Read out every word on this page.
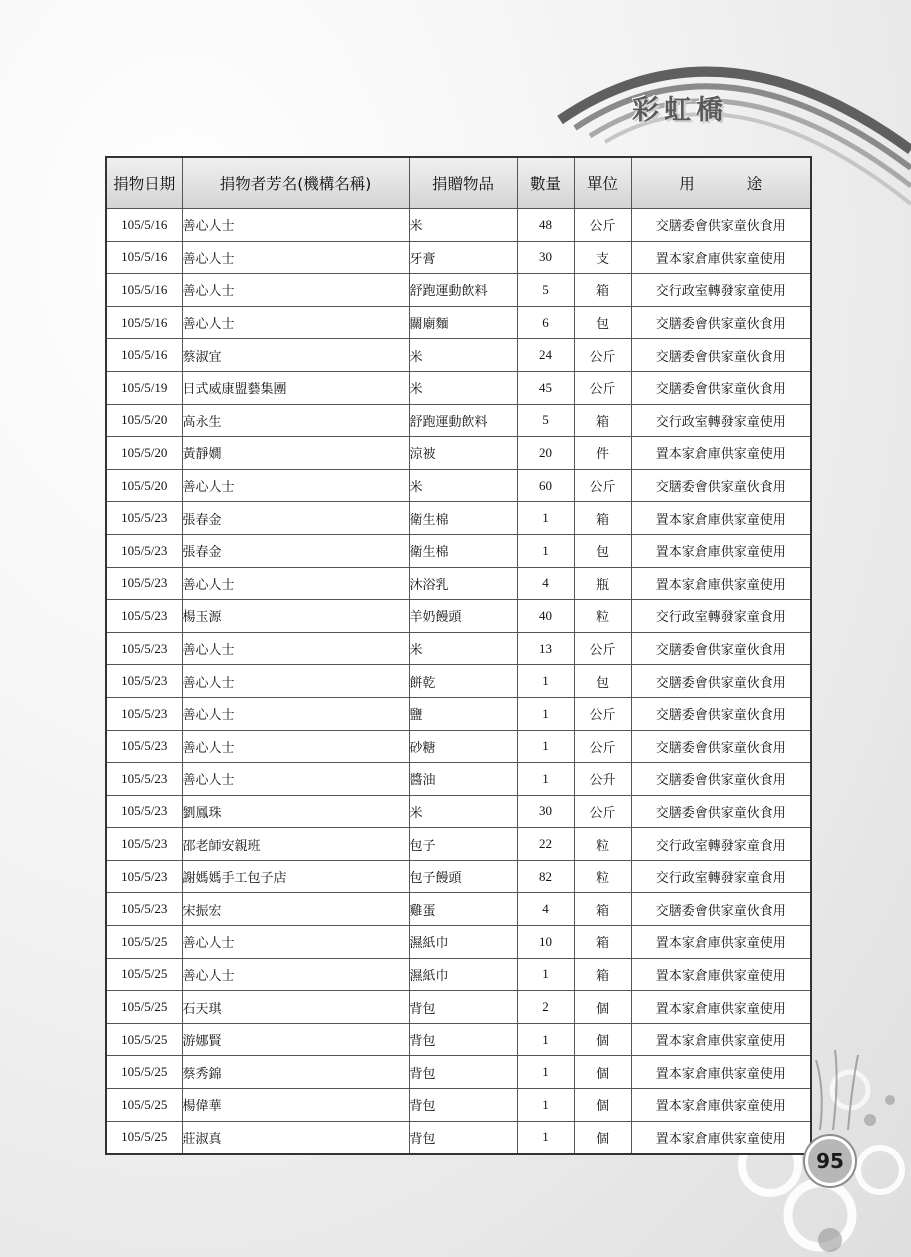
彩虹橋
捐物日期	捐物者芳名(機構名稱)	捐贈物品	數量	單位	用 途
105/5/16	善心人士	米	48	公斤	交膳委會供家童伙食用
105/5/16	善心人士	牙膏	30	支	置本家倉庫供家童使用
105/5/16	善心人士	舒跑運動飲料	5	箱	交行政室轉發家童使用
105/5/16	善心人士	關廟麵	6	包	交膳委會供家童伙食用
105/5/16	蔡淑宜	米	24	公斤	交膳委會供家童伙食用
105/5/19	日式威康盟藝集團	米	45	公斤	交膳委會供家童伙食用
105/5/20	高永生	舒跑運動飲料	5	箱	交行政室轉發家童使用
105/5/20	黃靜嫺	涼被	20	件	置本家倉庫供家童使用
105/5/20	善心人士	米	60	公斤	交膳委會供家童伙食用
105/5/23	張春金	衛生棉	1	箱	置本家倉庫供家童使用
105/5/23	張春金	衛生棉	1	包	置本家倉庫供家童使用
105/5/23	善心人士	沐浴乳	4	瓶	置本家倉庫供家童使用
105/5/23	楊玉源	羊奶饅頭	40	粒	交行政室轉發家童食用
105/5/23	善心人士	米	13	公斤	交膳委會供家童伙食用
105/5/23	善心人士	餅乾	1	包	交膳委會供家童伙食用
105/5/23	善心人士	鹽	1	公斤	交膳委會供家童伙食用
105/5/23	善心人士	砂糖	1	公斤	交膳委會供家童伙食用
105/5/23	善心人士	醬油	1	公升	交膳委會供家童伙食用
105/5/23	劉鳳珠	米	30	公斤	交膳委會供家童伙食用
105/5/23	邵老師安親班	包子	22	粒	交行政室轉發家童食用
105/5/23	謝媽媽手工包子店	包子饅頭	82	粒	交行政室轉發家童食用
105/5/23	宋振宏	雞蛋	4	箱	交膳委會供家童伙食用
105/5/25	善心人士	濕紙巾	10	箱	置本家倉庫供家童使用
105/5/25	善心人士	濕紙巾	1	箱	置本家倉庫供家童使用
105/5/25	石天琪	背包	2	個	置本家倉庫供家童使用
105/5/25	游娜賢	背包	1	個	置本家倉庫供家童使用
105/5/25	蔡秀錦	背包	1	個	置本家倉庫供家童使用
105/5/25	楊偉華	背包	1	個	置本家倉庫供家童使用
105/5/25	莊淑真	背包	1	個	置本家倉庫供家童使用
95
